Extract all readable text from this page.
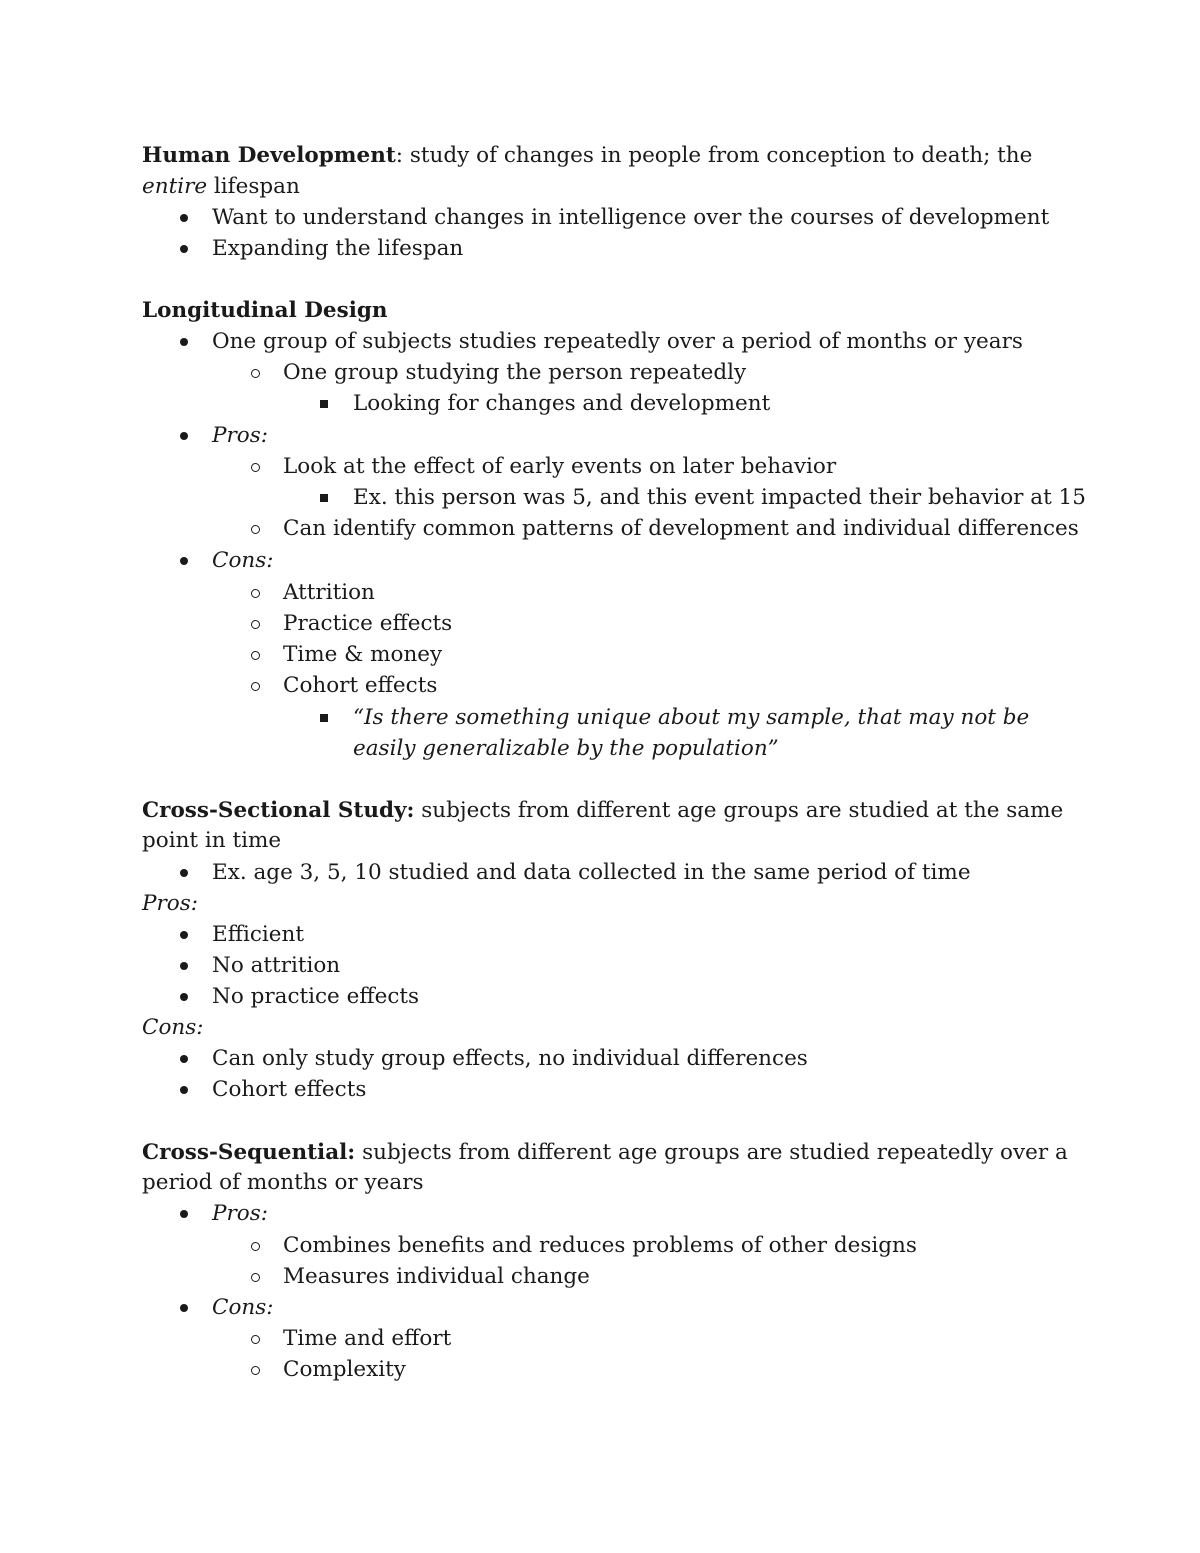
Human Development: study of changes in people from conception to death; the
entire lifespan
Want to understand changes in intelligence over the courses of development
Expanding the lifespan
Longitudinal Design
One group of subjects studies repeatedly over a period of months or years
One group studying the person repeatedly
Looking for changes and development
Pros:
Look at the effect of early events on later behavior
Ex. this person was 5, and this event impacted their behavior at 15
Can identify common patterns of development and individual differences
Cons:
Attrition
Practice effects
Time & money
Cohort effects
“Is there something unique about my sample, that may not be
easily generalizable by the population”
Cross-Sectional Study: subjects from different age groups are studied at the same
point in time
Ex. age 3, 5, 10 studied and data collected in the same period of time
Pros:
Efficient
No attrition
No practice effects
Cons:
Can only study group effects, no individual differences
Cohort effects
Cross-Sequential: subjects from different age groups are studied repeatedly over a
period of months or years
Pros:
Combines benefits and reduces problems of other designs
Measures individual change
Cons:
Time and effort
Complexity
